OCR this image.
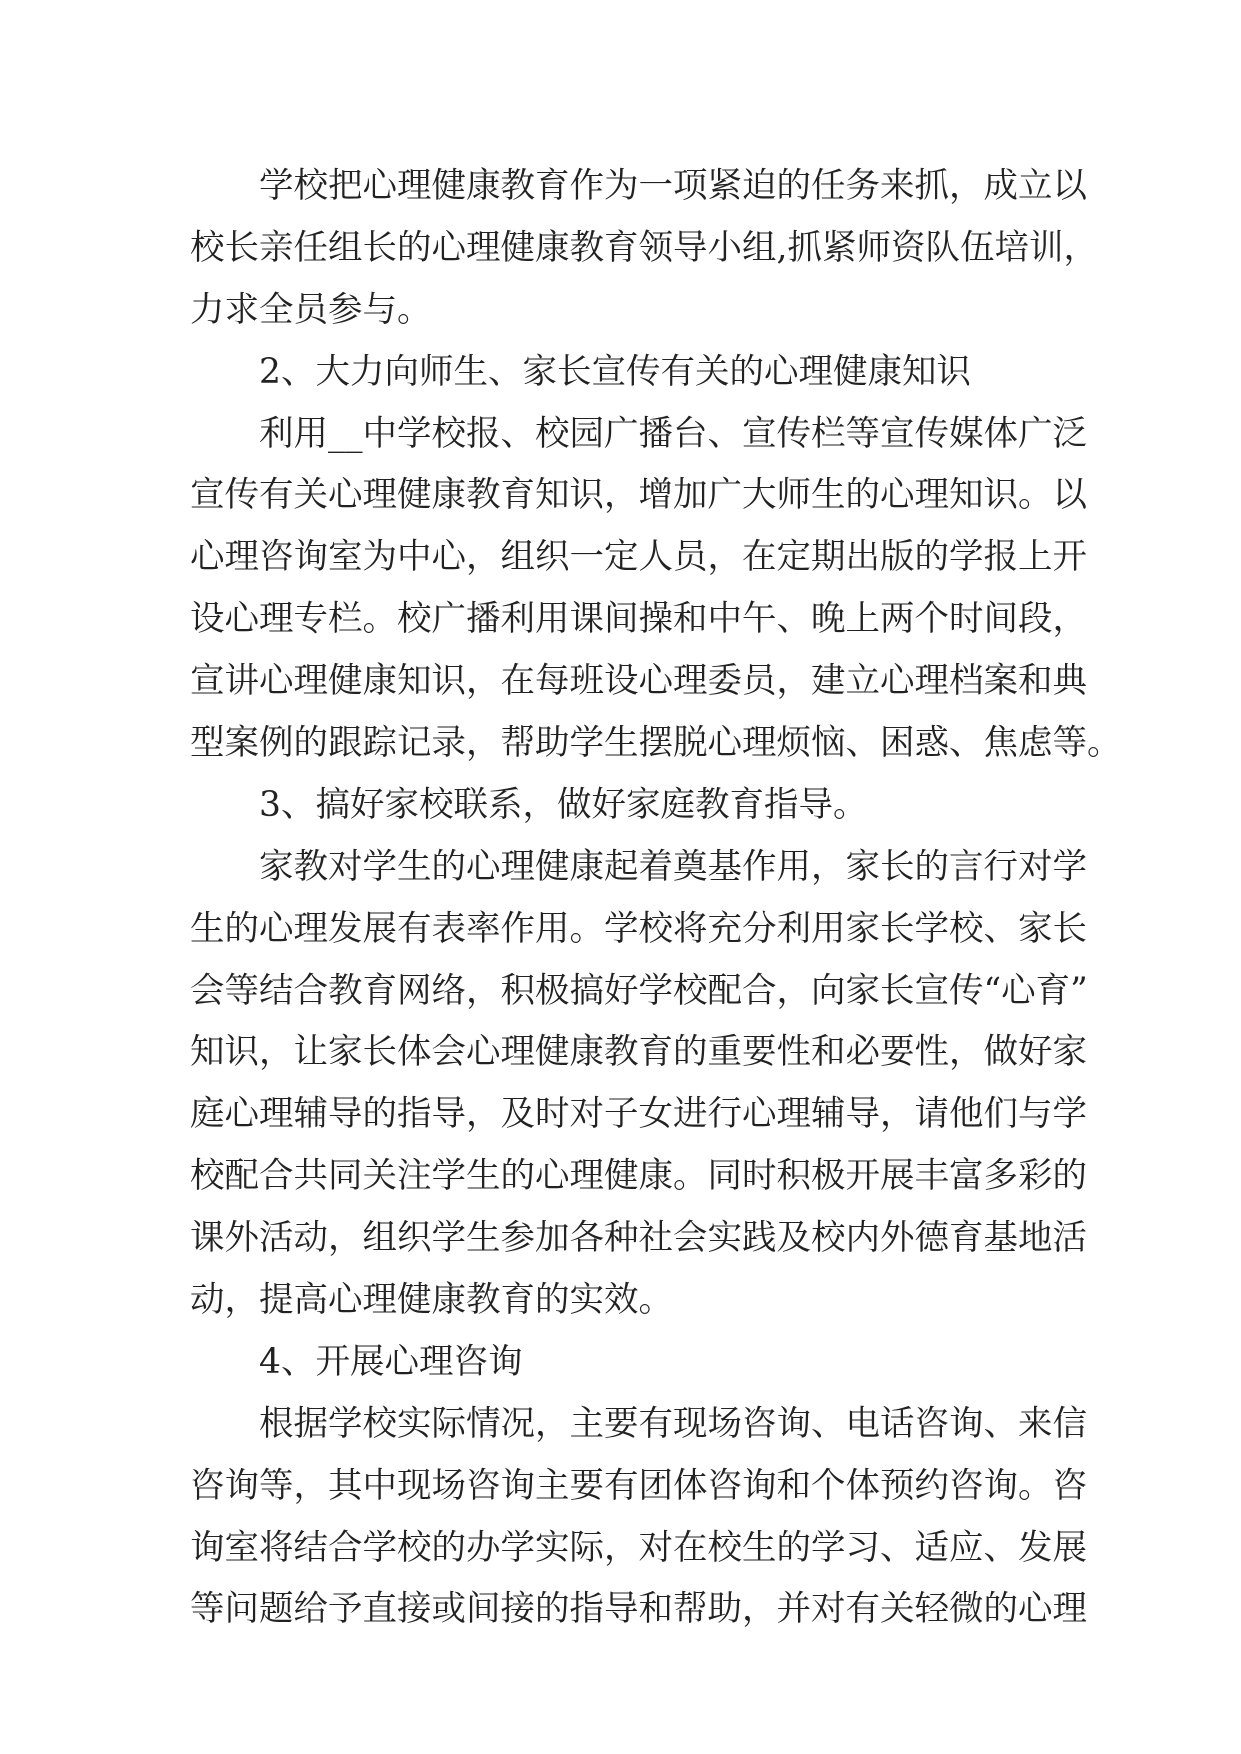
学校把心理健康教育作为一项紧迫的任务来抓，成立以
校长亲任组长的心理健康教育领导小组,抓紧师资队伍培训，
力求全员参与。
2、大力向师生、家长宣传有关的心理健康知识
利用__中学校报、校园广播台、宣传栏等宣传媒体广泛
宣传有关心理健康教育知识，增加广大师生的心理知识。以
心理咨询室为中心，组织一定人员，在定期出版的学报上开
设心理专栏。校广播利用课间操和中午、晚上两个时间段，
宣讲心理健康知识，在每班设心理委员，建立心理档案和典
型案例的跟踪记录，帮助学生摆脱心理烦恼、困惑、焦虑等。
3、搞好家校联系，做好家庭教育指导。
家教对学生的心理健康起着奠基作用，家长的言行对学
生的心理发展有表率作用。学校将充分利用家长学校、家长
会等结合教育网络，积极搞好学校配合，向家长宣传“心育”
知识，让家长体会心理健康教育的重要性和必要性，做好家
庭心理辅导的指导，及时对子女进行心理辅导，请他们与学
校配合共同关注学生的心理健康。同时积极开展丰富多彩的
课外活动，组织学生参加各种社会实践及校内外德育基地活
动，提高心理健康教育的实效。
4、开展心理咨询
根据学校实际情况，主要有现场咨询、电话咨询、来信
咨询等，其中现场咨询主要有团体咨询和个体预约咨询。咨
询室将结合学校的办学实际，对在校生的学习、适应、发展
等问题给予直接或间接的指导和帮助，并对有关轻微的心理
